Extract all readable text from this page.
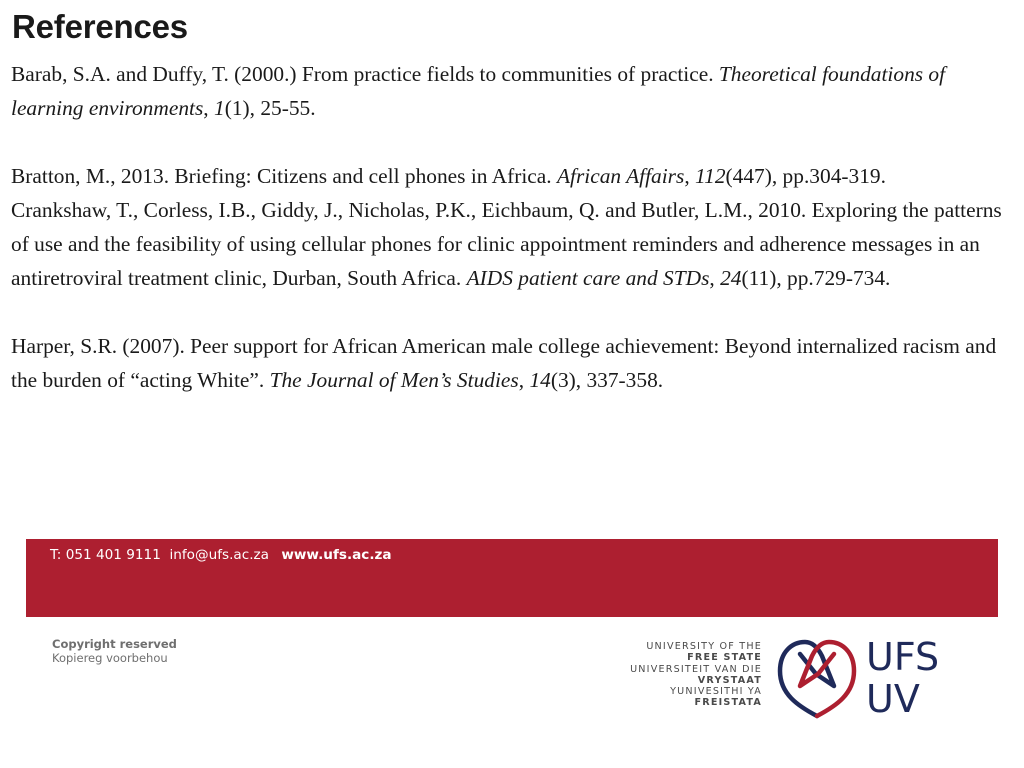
References

Barab, S.A. and Duffy, T. (2000.) From practice fields to communities of practice. Theoretical foundations of learning environments, 1(1), 25-55.

Bratton, M., 2013. Briefing: Citizens and cell phones in Africa. African Affairs, 112(447), pp.304-319.

Crankshaw, T., Corless, I.B., Giddy, J., Nicholas, P.K., Eichbaum, Q. and Butler, L.M., 2010. Exploring the patterns of use and the feasibility of using cellular phones for clinic appointment reminders and adherence messages in an antiretroviral treatment clinic, Durban, South Africa. AIDS patient care and STDs, 24(11), pp.729-734.

Harper, S.R. (2007). Peer support for African American male college achievement: Beyond internalized racism and the burden of “acting White”. The Journal of Men’s Studies, 14(3), 337-358.

T: 051 401 9111 info@ufs.ac.za www.ufs.ac.za
Copyright reserved
Kopiereg voorbehou
UNIVERSITY OF THE
FREE STATE
UNIVERSITEIT VAN DIE
VRYSTAAT
YUNIVESITHI YA
FREISTATA
UFS
UV
